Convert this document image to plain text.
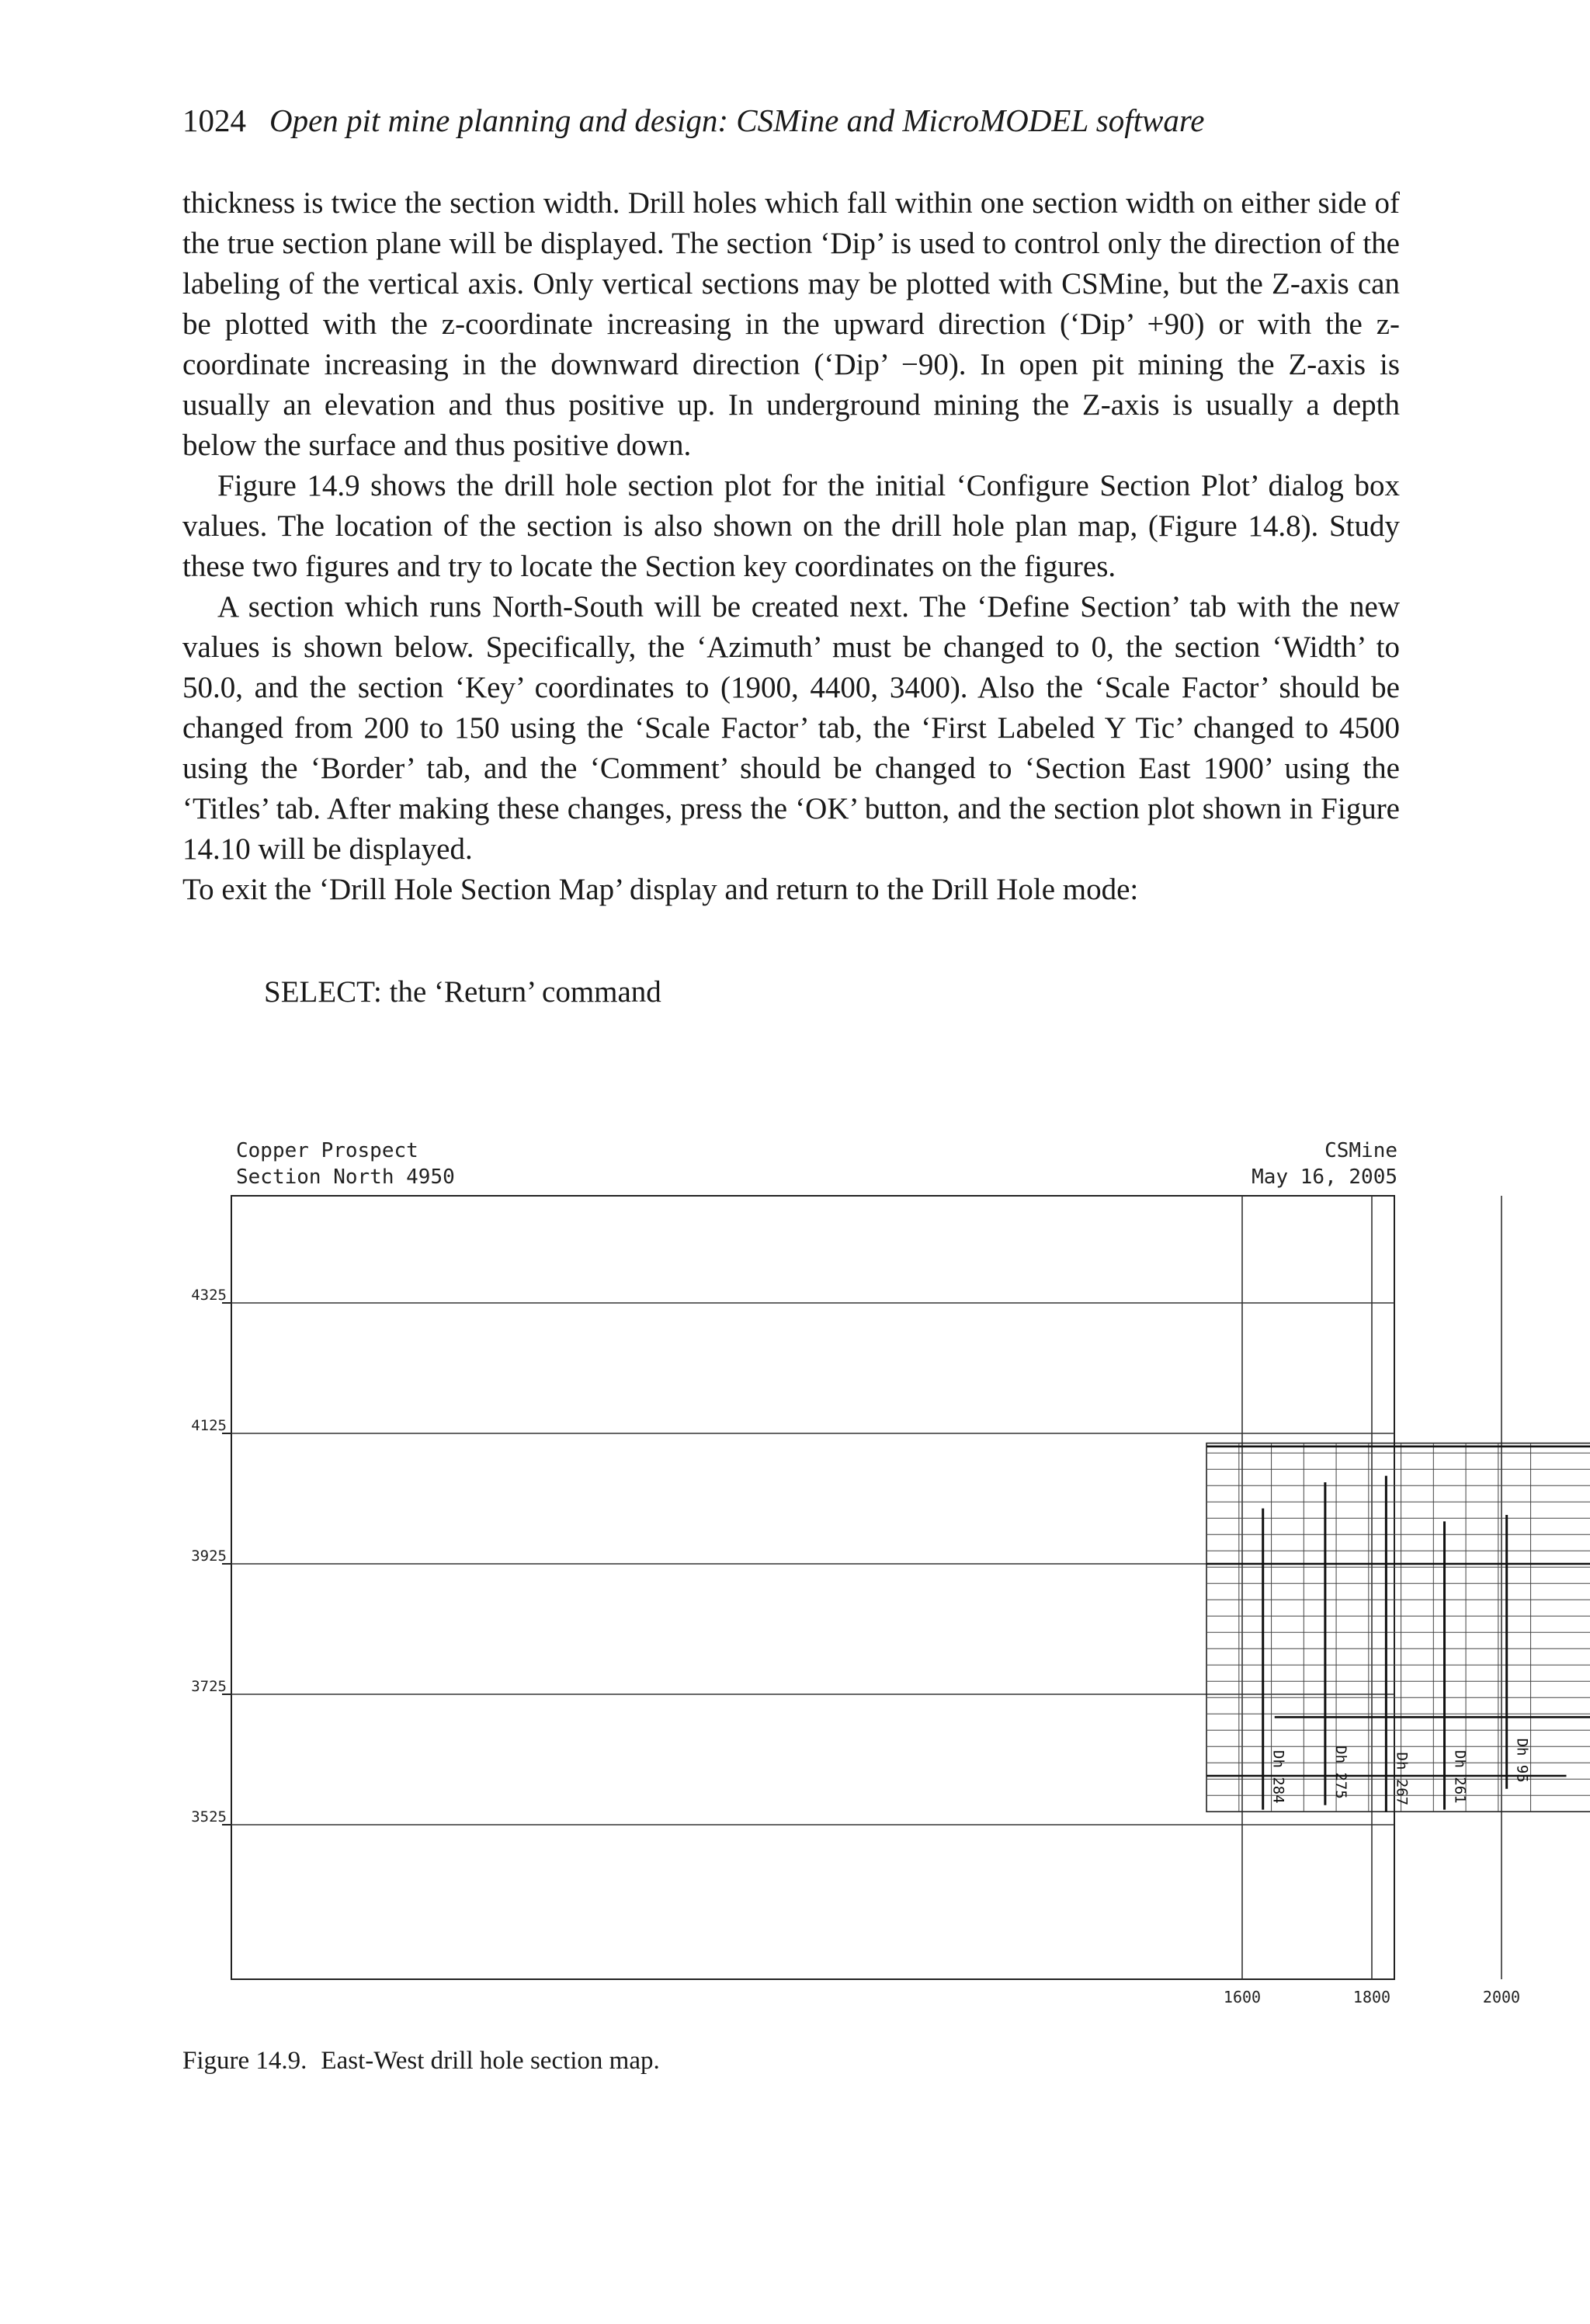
1024 Open pit mine planning and design: CSMine and MicroMODEL software

thickness is twice the section width. Drill holes which fall within one section width on either side of the true section plane will be displayed. The section ‘Dip’ is used to control only the direction of the labeling of the vertical axis. Only vertical sections may be plotted with CSMine, but the Z-axis can be plotted with the z-coordinate increasing in the upward direction (‘Dip’ +90) or with the z-coordinate increasing in the downward direction (‘Dip’ −90). In open pit mining the Z-axis is usually an elevation and thus positive up. In underground mining the Z-axis is usually a depth below the surface and thus positive down.

Figure 14.9 shows the drill hole section plot for the initial ‘Configure Section Plot’ dialog box values. The location of the section is also shown on the drill hole plan map, (Figure 14.8). Study these two figures and try to locate the Section key coordinates on the figures.

A section which runs North-South will be created next. The ‘Define Section’ tab with the new values is shown below. Specifically, the ‘Azimuth’ must be changed to 0, the section ‘Width’ to 50.0, and the section ‘Key’ coordinates to (1900, 4400, 3400). Also the ‘Scale Factor’ should be changed from 200 to 150 using the ‘Scale Factor’ tab, the ‘First Labeled Y Tic’ changed to 4500 using the ‘Border’ tab, and the ‘Comment’ should be changed to ‘Section East 1900’ using the ‘Titles’ tab. After making these changes, press the ‘OK’ button, and the section plot shown in Figure 14.10 will be displayed.

To exit the ‘Drill Hole Section Map’ display and return to the Drill Hole mode:

SELECT: the ‘Return’ command
Copper Prospect
Section North 4950
CSMine
May 16, 2005
1600	1800	2000
4325
4125
3925
3725
3525
Dh 284	Dh 275	Dh 267	Dh 261	Dh 95
Figure 14.9. East-West drill hole section map.
